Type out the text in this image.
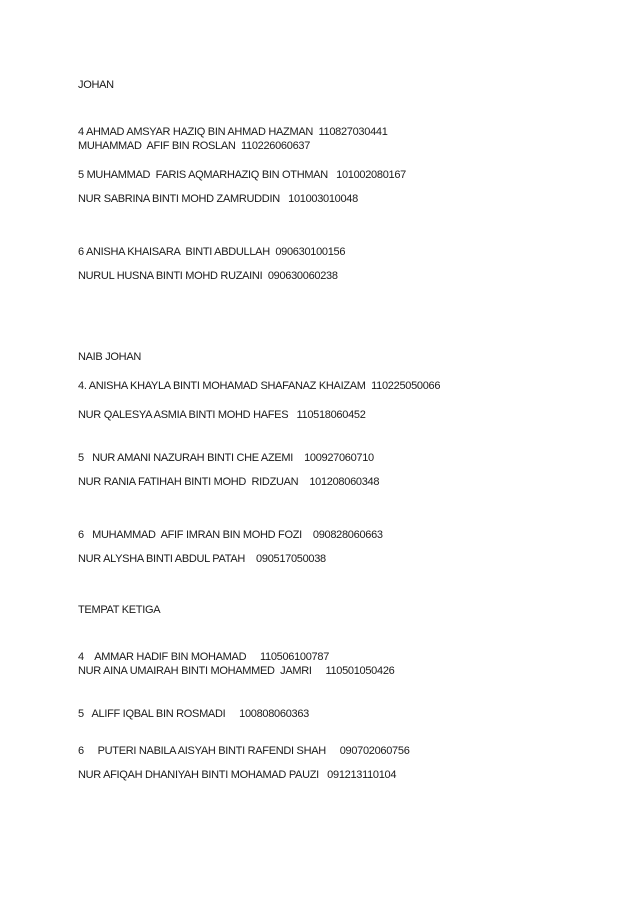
JOHAN
4 AHMAD AMSYAR HAZIQ BIN AHMAD HAZMAN  110827030441
MUHAMMAD  AFIF BIN ROSLAN  110226060637
5 MUHAMMAD  FARIS AQMARHAZIQ BIN OTHMAN   101002080167
NUR SABRINA BINTI MOHD ZAMRUDDIN   101003010048
6 ANISHA KHAISARA  BINTI ABDULLAH  090630100156
NURUL HUSNA BINTI MOHD RUZAINI  090630060238
NAIB JOHAN
4. ANISHA KHAYLA BINTI MOHAMAD SHAFANAZ KHAIZAM  110225050066
NUR QALESYA ASMIA BINTI MOHD HAFES   110518060452
5   NUR AMANI NAZURAH BINTI CHE AZEMI    100927060710
NUR RANIA FATIHAH BINTI MOHD  RIDZUAN    101208060348
6   MUHAMMAD  AFIF IMRAN BIN MOHD FOZI    090828060663
NUR ALYSHA BINTI ABDUL PATAH    090517050038
TEMPAT KETIGA
4    AMMAR HADIF BIN MOHAMAD     110506100787
NUR AINA UMAIRAH BINTI MOHAMMED  JAMRI     110501050426
5   ALIFF IQBAL BIN ROSMADI     100808060363
6     PUTERI NABILA AISYAH BINTI RAFENDI SHAH     090702060756
NUR AFIQAH DHANIYAH BINTI MOHAMAD PAUZI   091213110104
